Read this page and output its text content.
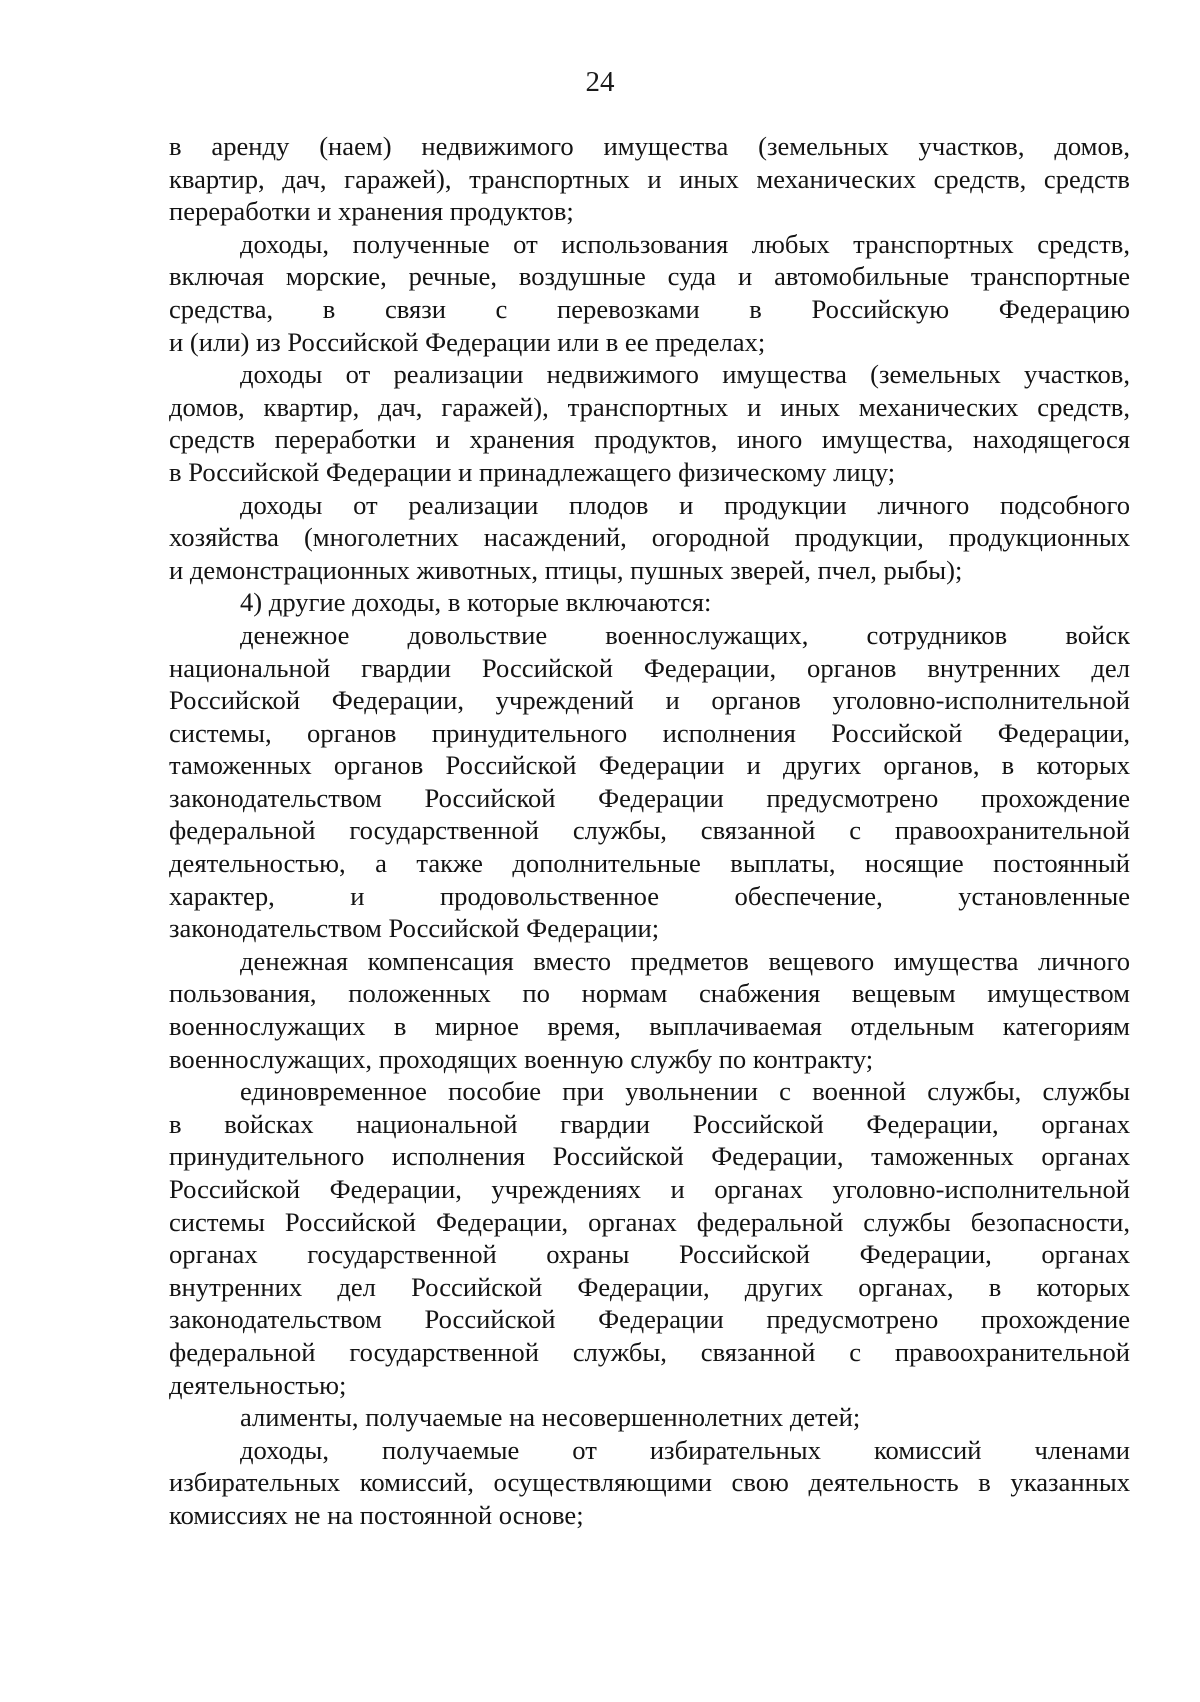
24
в аренду (наем) недвижимого имущества (земельных участков, домов,
квартир, дач, гаражей), транспортных и иных механических средств, средств
переработки и хранения продуктов;
доходы, полученные от использования любых транспортных средств,
включая морские, речные, воздушные суда и автомобильные транспортные
средства, в связи с перевозками в Российскую Федерацию
и (или) из Российской Федерации или в ее пределах;
доходы от реализации недвижимого имущества (земельных участков,
домов, квартир, дач, гаражей), транспортных и иных механических средств,
средств переработки и хранения продуктов, иного имущества, находящегося
в Российской Федерации и принадлежащего физическому лицу;
доходы от реализации плодов и продукции личного подсобного
хозяйства (многолетних насаждений, огородной продукции, продукционных
и демонстрационных животных, птицы, пушных зверей, пчел, рыбы);
4) другие доходы, в которые включаются:
денежное довольствие военнослужащих, сотрудников войск
национальной гвардии Российской Федерации, органов внутренних дел
Российской Федерации, учреждений и органов уголовно-исполнительной
системы, органов принудительного исполнения Российской Федерации,
таможенных органов Российской Федерации и других органов, в которых
законодательством Российской Федерации предусмотрено прохождение
федеральной государственной службы, связанной с правоохранительной
деятельностью, а также дополнительные выплаты, носящие постоянный
характер, и продовольственное обеспечение, установленные
законодательством Российской Федерации;
денежная компенсация вместо предметов вещевого имущества личного
пользования, положенных по нормам снабжения вещевым имуществом
военнослужащих в мирное время, выплачиваемая отдельным категориям
военнослужащих, проходящих военную службу по контракту;
единовременное пособие при увольнении с военной службы, службы
в войсках национальной гвардии Российской Федерации, органах
принудительного исполнения Российской Федерации, таможенных органах
Российской Федерации, учреждениях и органах уголовно-исполнительной
системы Российской Федерации, органах федеральной службы безопасности,
органах государственной охраны Российской Федерации, органах
внутренних дел Российской Федерации, других органах, в которых
законодательством Российской Федерации предусмотрено прохождение
федеральной государственной службы, связанной с правоохранительной
деятельностью;
алименты, получаемые на несовершеннолетних детей;
доходы, получаемые от избирательных комиссий членами
избирательных комиссий, осуществляющими свою деятельность в указанных
комиссиях не на постоянной основе;
